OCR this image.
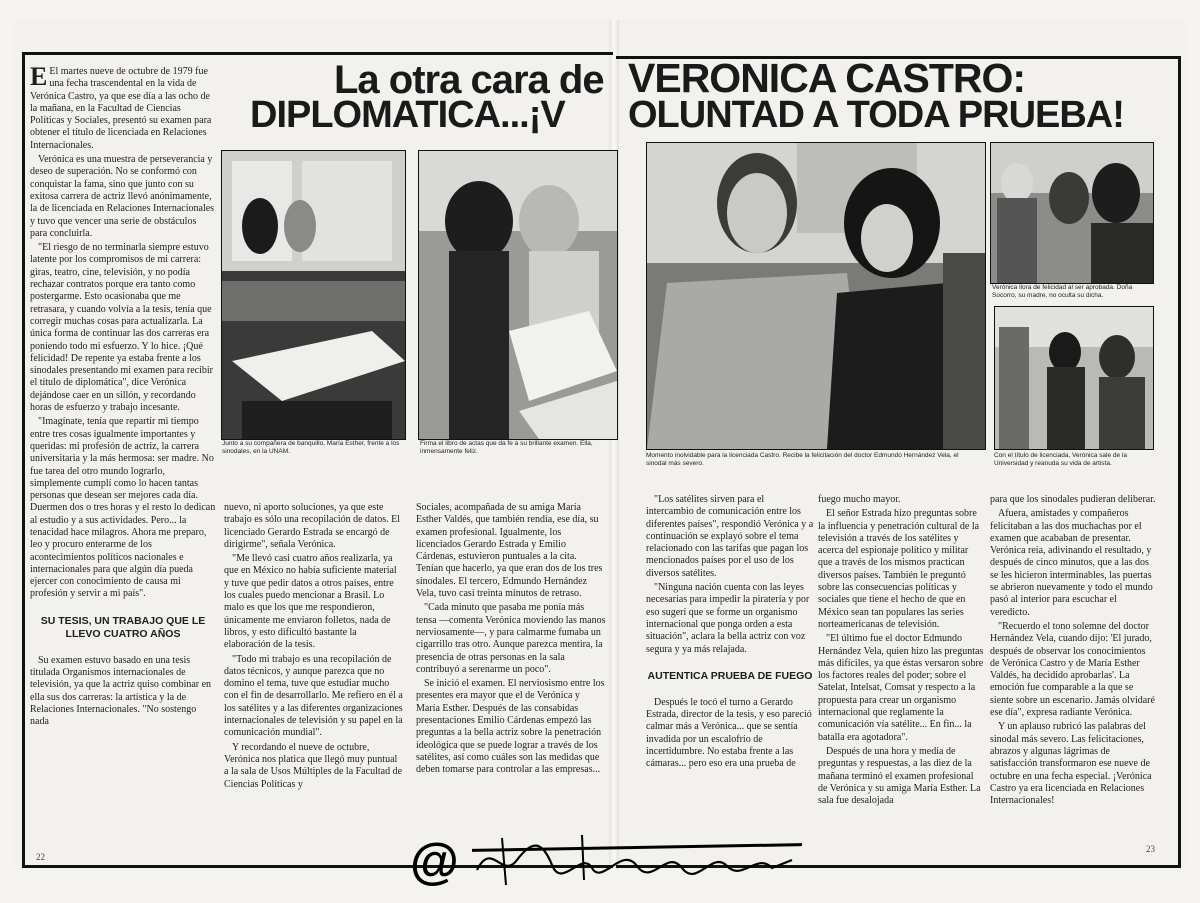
La otra cara de
DIPLOMATICA...¡V
VERONICA CASTRO:
OLUNTAD A TODA PRUEBA!

E El martes nueve de octubre de 1979 fue una fecha trascendental en la vida de Verónica Castro, ya que ese día a las ocho de la mañana, en la Facultad de Ciencias Políticas y Sociales, presentó su examen para obtener el título de licenciada en Relaciones Internacionales.

Verónica es una muestra de perseverancia y deseo de superación. No se conformó con conquistar la fama, sino que junto con su exitosa carrera de actriz llevó anónimamente, la de licenciada en Relaciones Internacionales y tuvo que vencer una serie de obstáculos para concluirla.

"El riesgo de no terminarla siempre estuvo latente por los compromisos de mi carrera: giras, teatro, cine, televisión, y no podía rechazar contratos porque era tanto como postergarme. Esto ocasionaba que me retrasara, y cuando volvía a la tesis, tenía que corregir muchas cosas para actualizarla. La única forma de continuar las dos carreras era poniendo todo mi esfuerzo. Y lo hice. ¡Qué felicidad! De repente ya estaba frente a los sinodales presentando mi examen para recibir el título de diplomática", dice Verónica dejándose caer en un sillón, y recordando horas de esfuerzo y trabajo incesante.

"Imagínate, tenía que repartir mi tiempo entre tres cosas igualmente importantes y queridas: mi profesión de actriz, la carrera universitaria y la más hermosa: ser madre. No fue tarea del otro mundo lograrlo, simplemente cumplí como lo hacen tantas personas que desean ser mejores cada día. Duermen dos o tres horas y el resto lo dedican al estudio y a sus actividades. Pero... la tenacidad hace milagros. Ahora me preparo, leo y procuro enterarme de los acontecimientos políticos nacionales e internacionales para que algún día pueda ejercer con conocimiento de causa mi profesión y servir a mi país".

SU TESIS, UN TRABAJO QUE LE LLEVO CUATRO AÑOS

Su examen estuvo basado en una tesis titulada Organismos internacionales de televisión, ya que la actriz quiso combinar en ella sus dos carreras: la artística y la de Relaciones Internacionales. "No sostengo nada

Junto a su compañera de banquillo, María Esther, frente a los sinodales, en la UNAM.
Firma el libro de actas que da fe a su brillante examen. Ella, inmensamente feliz.

nuevo, ni aporto soluciones, ya que este trabajo es sólo una recopilación de datos. El licenciado Gerardo Estrada se encargó de dirigirme", señala Verónica.

"Me llevó casi cuatro años realizarla, ya que en México no había suficiente material y tuve que pedir datos a otros países, entre los cuales puedo mencionar a Brasil. Lo malo es que los que me respondieron, únicamente me enviaron folletos, nada de libros, y esto dificultó bastante la elaboración de la tesis.

"Todo mi trabajo es una recopilación de datos técnicos, y aunque parezca que no domino el tema, tuve que estudiar mucho con el fin de desarrollarlo. Me refiero en él a los satélites y a las diferentes organizaciones internacionales de televisión y su papel en la comunicación mundial".

Y recordando el nueve de octubre, Verónica nos platica que llegó muy puntual a la sala de Usos Múltiples de la Facultad de Ciencias Políticas y

Sociales, acompañada de su amiga María Esther Valdés, que también rendía, ese día, su examen profesional. Igualmente, los licenciados Gerardo Estrada y Emilio Cárdenas, estuvieron puntuales a la cita. Tenían que hacerlo, ya que eran dos de los tres sinodales. El tercero, Edmundo Hernández Vela, tuvo casi treinta minutos de retraso.

"Cada minuto que pasaba me ponía más tensa —comenta Verónica moviendo las manos nerviosamente—, y para calmarme fumaba un cigarrillo tras otro. Aunque parezca mentira, la presencia de otras personas en la sala contribuyó a serenarme un poco".

Se inició el examen. El nerviosismo entre los presentes era mayor que el de Verónica y María Esther. Después de las consabidas presentaciones Emilio Cárdenas empezó las preguntas a la bella actriz sobre la penetración ideológica que se puede lograr a través de los satélites, así como cuáles son las medidas que deben tomarse para controlar a las empresas...

Momento inolvidable para la licenciada Castro. Recibe la felicitación del doctor Edmundo Hernández Vela, el sinodal más severo.
Verónica llora de felicidad al ser aprobada. Doña Socorro, su madre, no oculta su dicha.
Con el título de licenciada, Verónica sale de la Universidad y reanuda su vida de artista.

"Los satélites sirven para el intercambio de comunicación entre los diferentes países", respondió Verónica y a continuación se explayó sobre el tema relacionado con las tarifas que pagan los mencionados países por el uso de los diversos satélites.

"Ninguna nación cuenta con las leyes necesarias para impedir la piratería y por eso sugerí que se forme un organismo internacional que ponga orden a esta situación", aclara la bella actriz con voz segura y ya más relajada.

AUTENTICA PRUEBA DE FUEGO

Después le tocó el turno a Gerardo Estrada, director de la tesis, y eso pareció calmar más a Verónica... que se sentía invadida por un escalofrío de incertidumbre. No estaba frente a las cámaras... pero eso era una prueba de

fuego mucho mayor.

El señor Estrada hizo preguntas sobre la influencia y penetración cultural de la televisión a través de los satélites y acerca del espionaje político y militar que a través de los mismos practican diversos países. También le preguntó sobre las consecuencias políticas y sociales que tiene el hecho de que en México sean tan populares las series norteamericanas de televisión.

"El último fue el doctor Edmundo Hernández Vela, quien hizo las preguntas más difíciles, ya que éstas versaron sobre los factores reales del poder; sobre el Satelat, Intelsat, Comsat y respecto a la propuesta para crear un organismo internacional que reglamente la comunicación vía satélite... En fin... la batalla era agotadora".

Después de una hora y media de preguntas y respuestas, a las diez de la mañana terminó el examen profesional de Verónica y su amiga María Esther. La sala fue desalojada

para que los sinodales pudieran deliberar.

Afuera, amistades y compañeros felicitaban a las dos muchachas por el examen que acababan de presentar. Verónica reía, adivinando el resultado, y después de cinco minutos, que a las dos se les hicieron interminables, las puertas se abrieron nuevamente y todo el mundo pasó al interior para escuchar el veredicto.

"Recuerdo el tono solemne del doctor Hernández Vela, cuando dijo: 'El jurado, después de observar los conocimientos de Verónica Castro y de María Esther Valdés, ha decidido aprobarlas'. La emoción fue comparable a la que se siente sobre un escenario. Jamás olvidaré ese día", expresa radiante Verónica.

Y un aplauso rubricó las palabras del sinodal más severo. Las felicitaciones, abrazos y algunas lágrimas de satisfacción transformaron ese nueve de octubre en una fecha especial. ¡Verónica Castro ya era licenciada en Relaciones Internacionales!

22
23
@
